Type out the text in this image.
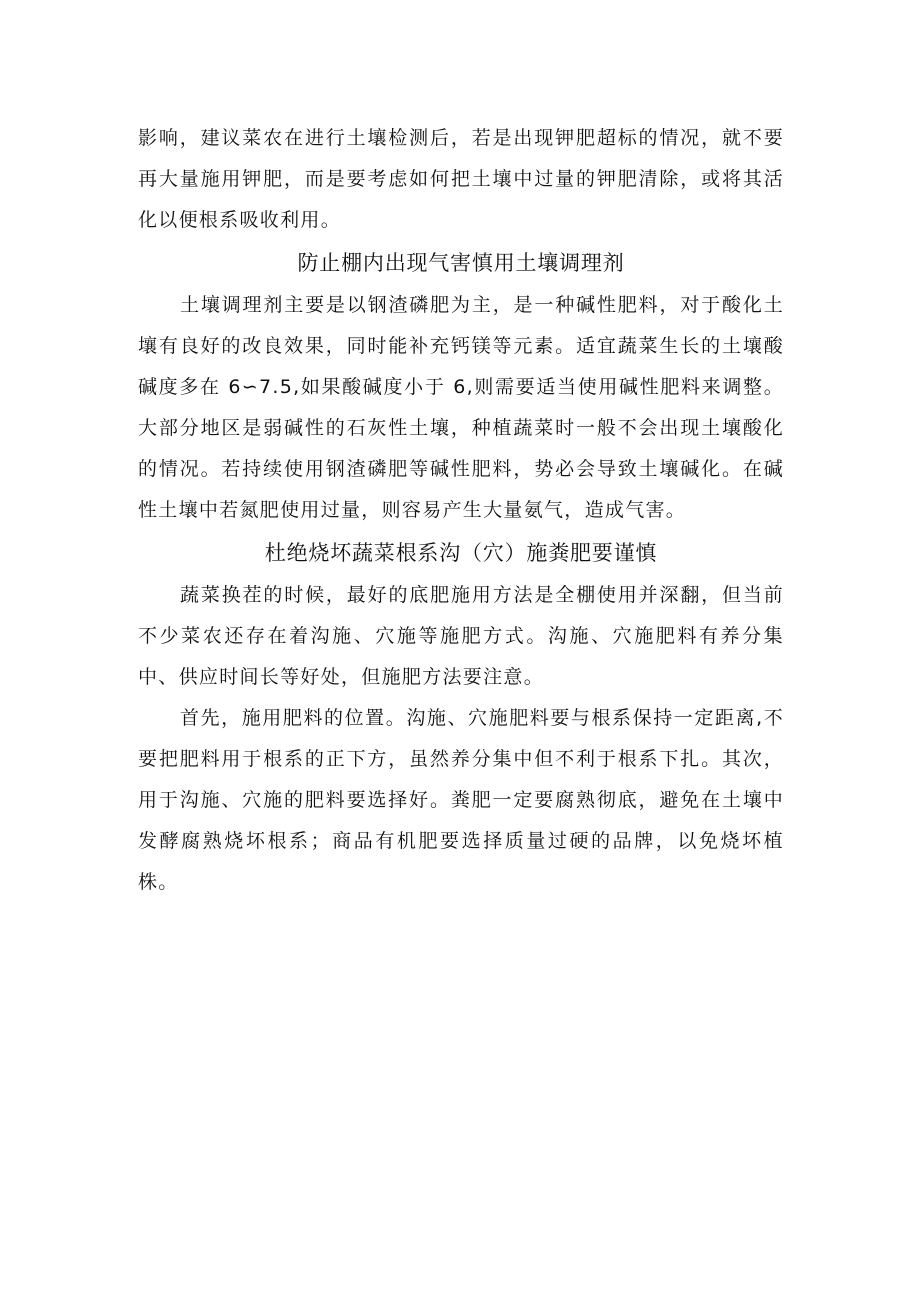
影响，建议菜农在进行土壤检测后，若是出现钾肥超标的情况，就不要再大量施用钾肥，而是要考虑如何把土壤中过量的钾肥清除，或将其活化以便根系吸收利用。

防止棚内出现气害慎用土壤调理剂

土壤调理剂主要是以钢渣磷肥为主，是一种碱性肥料，对于酸化土壤有良好的改良效果，同时能补充钙镁等元素。适宜蔬菜生长的土壤酸碱度多在 6∽7.5,如果酸碱度小于 6,则需要适当使用碱性肥料来调整。大部分地区是弱碱性的石灰性土壤，种植蔬菜时一般不会出现土壤酸化的情况。若持续使用钢渣磷肥等碱性肥料，势必会导致土壤碱化。在碱性土壤中若氮肥使用过量，则容易产生大量氨气，造成气害。

杜绝烧坏蔬菜根系沟（穴）施粪肥要谨慎

蔬菜换茬的时候，最好的底肥施用方法是全棚使用并深翻，但当前不少菜农还存在着沟施、穴施等施肥方式。沟施、穴施肥料有养分集中、供应时间长等好处，但施肥方法要注意。

首先，施用肥料的位置。沟施、穴施肥料要与根系保持一定距离,不要把肥料用于根系的正下方，虽然养分集中但不利于根系下扎。其次，用于沟施、穴施的肥料要选择好。粪肥一定要腐熟彻底，避免在土壤中发酵腐熟烧坏根系；商品有机肥要选择质量过硬的品牌，以免烧坏植株。
